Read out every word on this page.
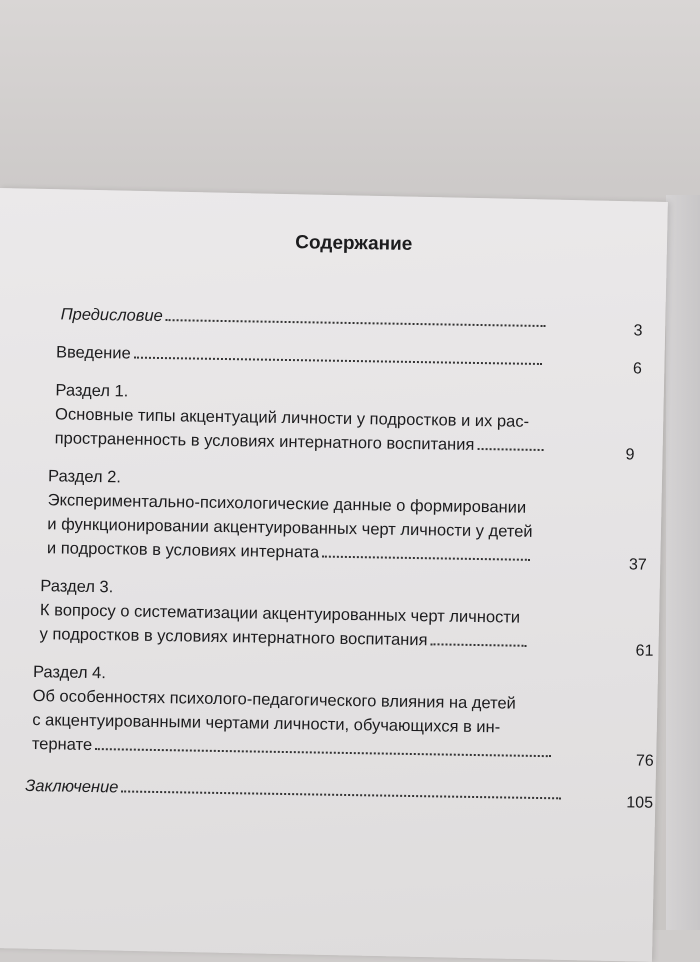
Содержание
Предисловие
3
Введение
6
Раздел 1.
Основные типы акцентуаций личности у подростков и их рас-
пространенность в условиях интернатного воспитания
9
Раздел 2.
Экспериментально-психологические данные о формировании
и функционировании акцентуированных черт личности у детей
и подростков в условиях интерната
37
Раздел 3.
К вопросу о систематизации акцентуированных черт личности
у подростков в условиях интернатного воспитания
61
Раздел 4.
Об особенностях психолого-педагогического влияния на детей
с акцентуированными чертами личности, обучающихся в ин-
тернате
76
Заключение
105
